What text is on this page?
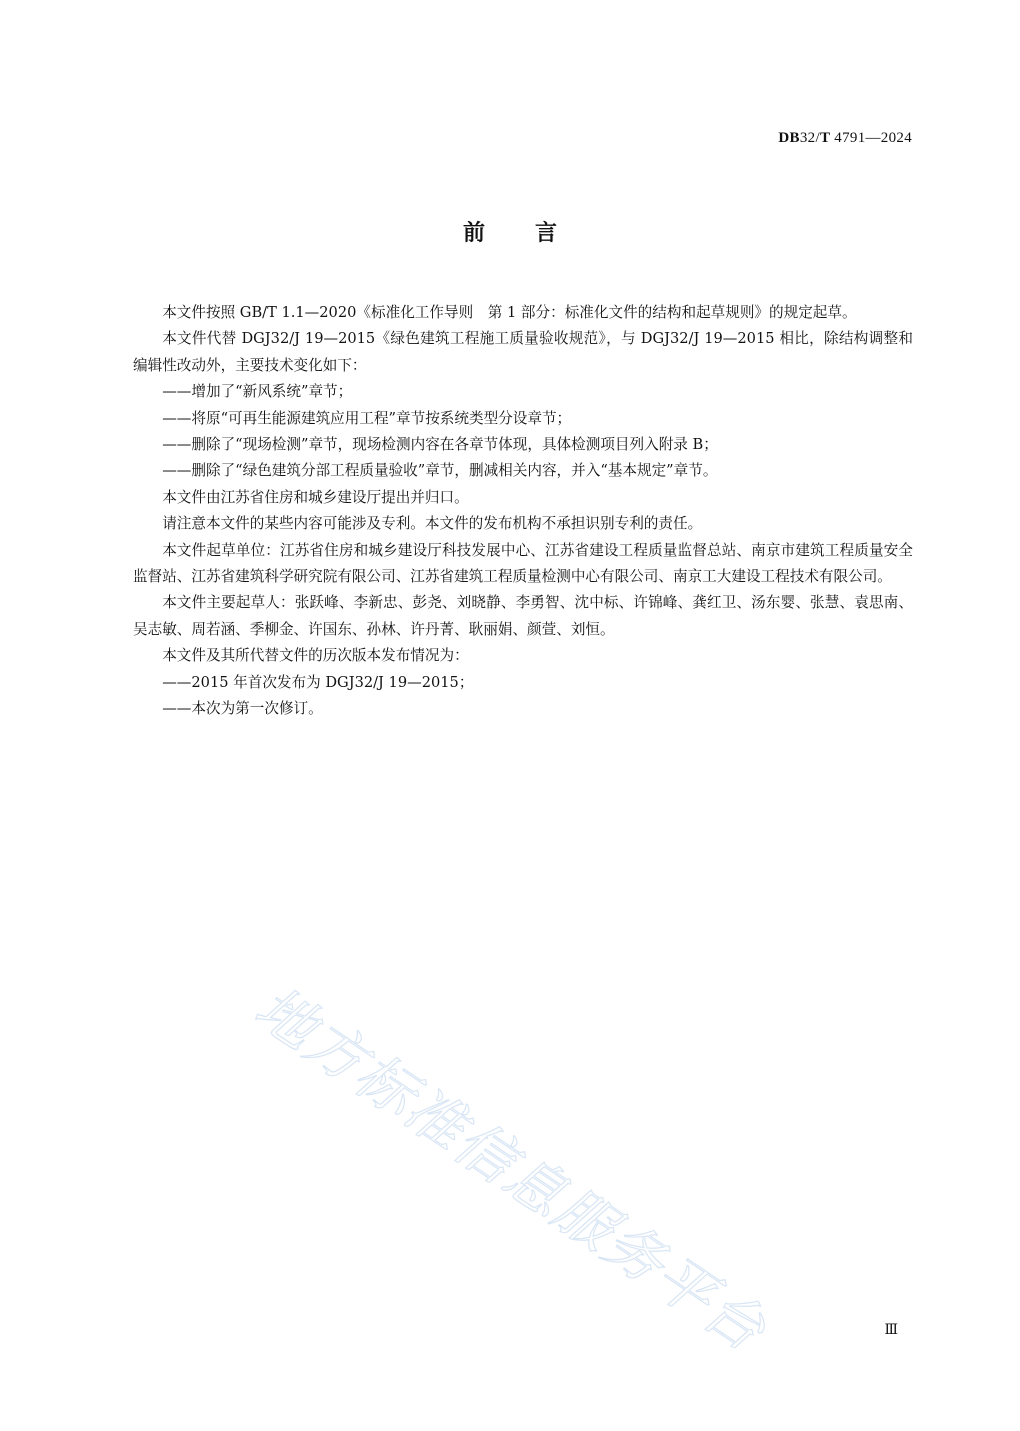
DB32/T 4791—2024
前言

本文件按照 GB/T 1.1—2020《标准化工作导则　第 1 部分：标准化文件的结构和起草规则》的规定起草。

本文件代替 DGJ32/J 19—2015《绿色建筑工程施工质量验收规范》，与 DGJ32/J 19—2015 相比，除结构调整和编辑性改动外，主要技术变化如下：

——增加了“新风系统”章节；

——将原“可再生能源建筑应用工程”章节按系统类型分设章节；

——删除了“现场检测”章节，现场检测内容在各章节体现，具体检测项目列入附录 B；

——删除了“绿色建筑分部工程质量验收”章节，删减相关内容，并入“基本规定”章节。

本文件由江苏省住房和城乡建设厅提出并归口。

请注意本文件的某些内容可能涉及专利。本文件的发布机构不承担识别专利的责任。

本文件起草单位：江苏省住房和城乡建设厅科技发展中心、江苏省建设工程质量监督总站、南京市建筑工程质量安全监督站、江苏省建筑科学研究院有限公司、江苏省建筑工程质量检测中心有限公司、南京工大建设工程技术有限公司。

本文件主要起草人：张跃峰、李新忠、彭尧、刘晓静、李勇智、沈中标、许锦峰、龚红卫、汤东婴、张慧、袁思南、吴志敏、周若涵、季柳金、许国东、孙林、许丹菁、耿丽娟、颜萱、刘恒。

本文件及其所代替文件的历次版本发布情况为：

——2015 年首次发布为 DGJ32/J 19—2015；

——本次为第一次修订。

地方标准信息服务平台	Ⅲ
